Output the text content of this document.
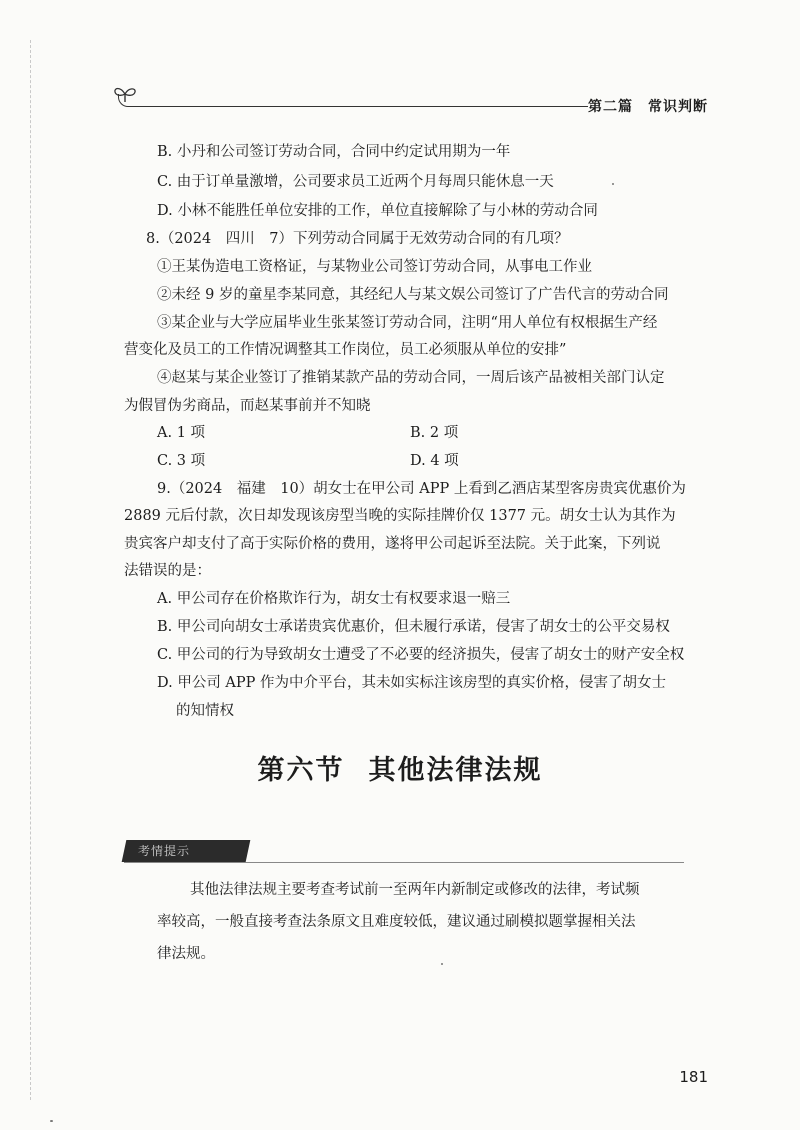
第二篇　常识判断
B. 小丹和公司签订劳动合同，合同中约定试用期为一年
C. 由于订单量激增，公司要求员工近两个月每周只能休息一天
D. 小林不能胜任单位安排的工作，单位直接解除了与小林的劳动合同
8.（2024　四川　7）下列劳动合同属于无效劳动合同的有几项？
①王某伪造电工资格证，与某物业公司签订劳动合同，从事电工作业
②未经 9 岁的童星李某同意，其经纪人与某文娱公司签订了广告代言的劳动合同
③某企业与大学应届毕业生张某签订劳动合同，注明“用人单位有权根据生产经
营变化及员工的工作情况调整其工作岗位，员工必须服从单位的安排”
④赵某与某企业签订了推销某款产品的劳动合同，一周后该产品被相关部门认定
为假冒伪劣商品，而赵某事前并不知晓
A. 1 项	B. 2 项
C. 3 项	D. 4 项
9.（2024　福建　10）胡女士在甲公司 APP 上看到乙酒店某型客房贵宾优惠价为
2889 元后付款，次日却发现该房型当晚的实际挂牌价仅 1377 元。胡女士认为其作为
贵宾客户却支付了高于实际价格的费用，遂将甲公司起诉至法院。关于此案，下列说
法错误的是：
A. 甲公司存在价格欺诈行为，胡女士有权要求退一赔三
B. 甲公司向胡女士承诺贵宾优惠价，但未履行承诺，侵害了胡女士的公平交易权
C. 甲公司的行为导致胡女士遭受了不必要的经济损失，侵害了胡女士的财产安全权
D. 甲公司 APP 作为中介平台，其未如实标注该房型的真实价格，侵害了胡女士
的知情权
第六节 其他法律法规
考情提示
其他法律法规主要考查考试前一至两年内新制定或修改的法律，考试频
率较高，一般直接考查法条原文且难度较低，建议通过刷模拟题掌握相关法
律法规。
181
